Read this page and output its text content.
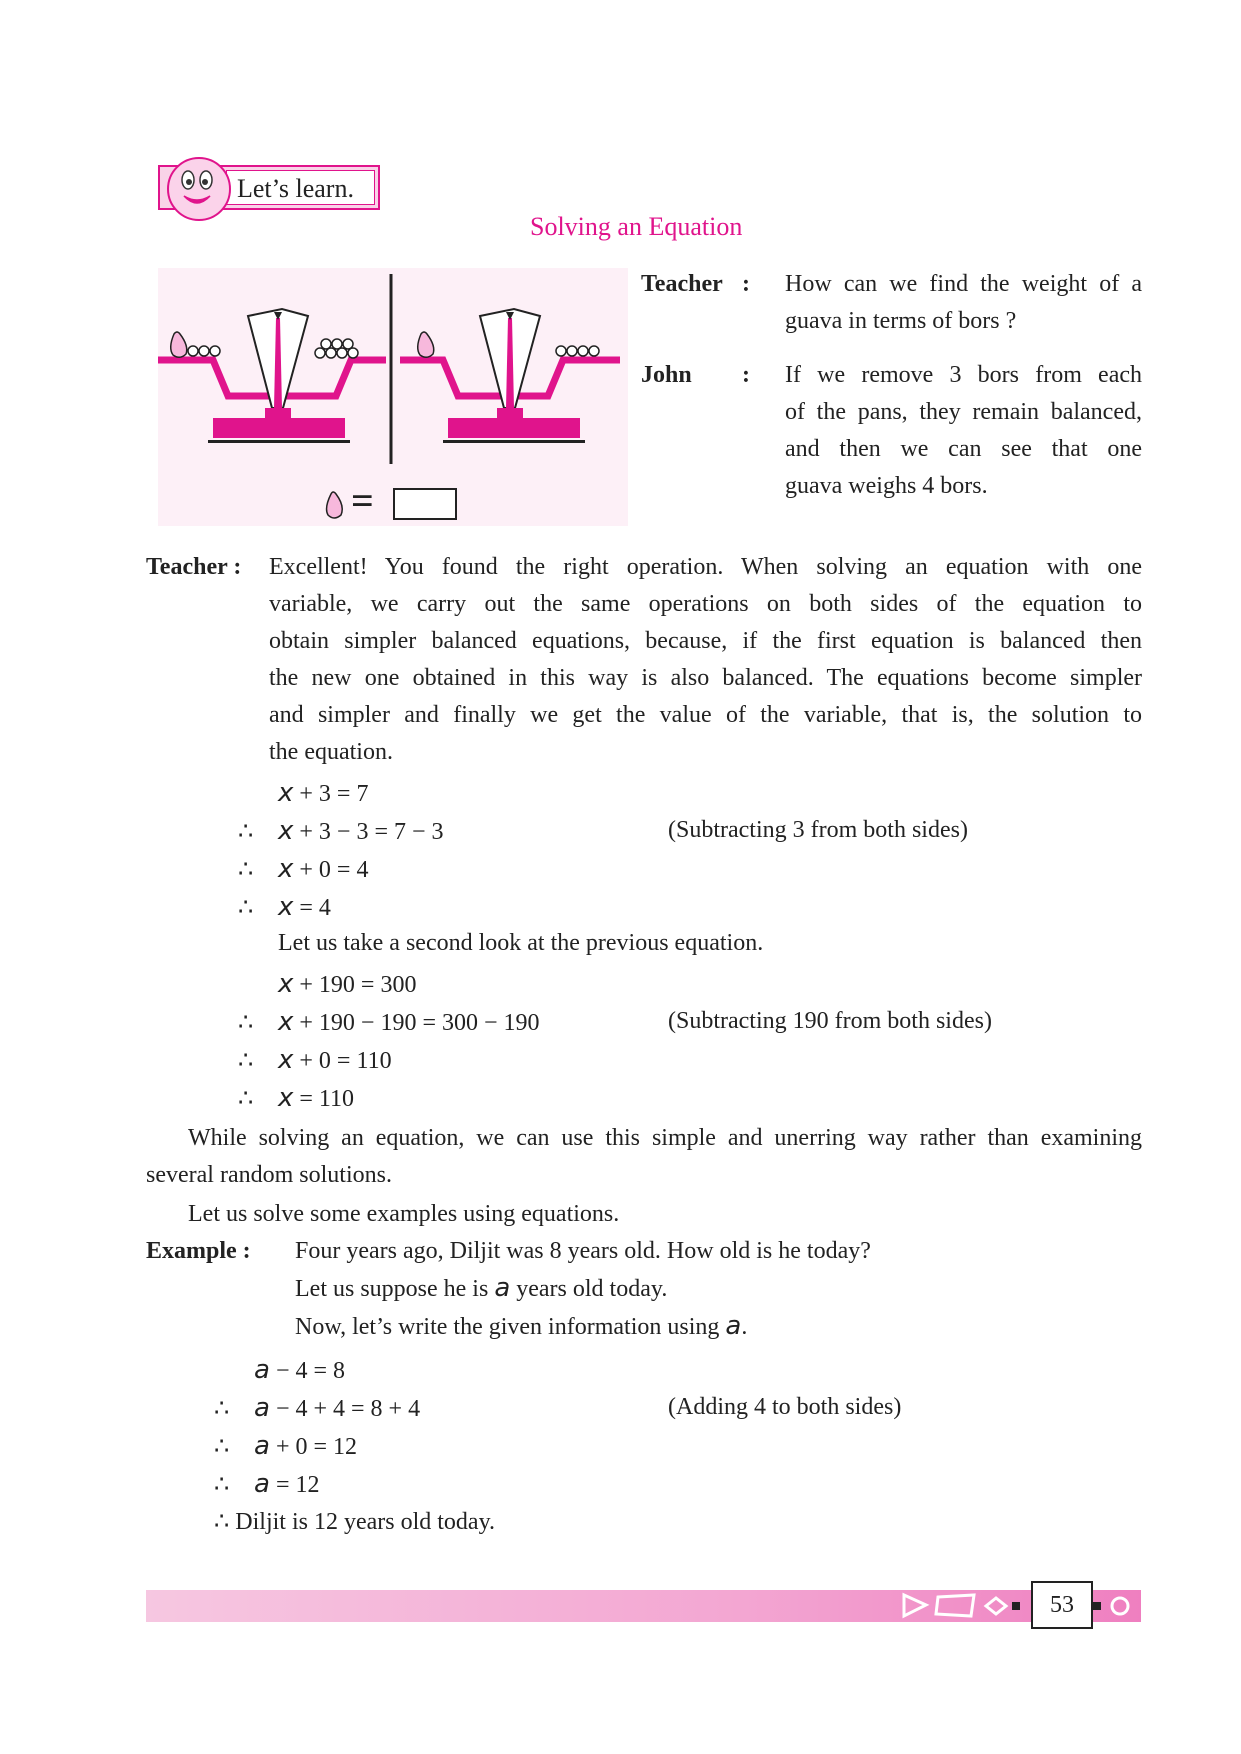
Let’s learn.
Solving an Equation
=
Teacher : How can we find the weight of a
guava in terms of bors ?
John : If we remove 3 bors from each
of the pans, they remain balanced,
and then we can see that one
guava weighs 4 bors.
Teacher : Excellent! You found the right operation. When solving an equation with one
variable, we carry out the same operations on both sides of the equation to
obtain simpler balanced equations, because, if the first equation is balanced then
the new one obtained in this way is also balanced. The equations become simpler
and simpler and finally we get the value of the variable, that is, the solution to
the equation.
x + 3 = 7
∴ x + 3 − 3 = 7 − 3
∴ x + 0 = 4
∴ x = 4
(Subtracting 3 from both sides)
Let us take a second look at the previous equation.
x + 190 = 300
∴ x + 190 − 190 = 300 − 190
∴ x + 0 = 110
∴ x = 110
(Subtracting 190 from both sides)
While solving an equation, we can use this simple and unerring way rather than examining
several random solutions.
Let us solve some examples using equations.
Example : Four years ago, Diljit was 8 years old. How old is he today?
Let us suppose he is a years old today.
Now, let’s write the given information using a.
a − 4 = 8
∴ a − 4 + 4 = 8 + 4
∴ a + 0 = 12
∴ a = 12
∴ Diljit is 12 years old today.
(Adding 4 to both sides)
53
